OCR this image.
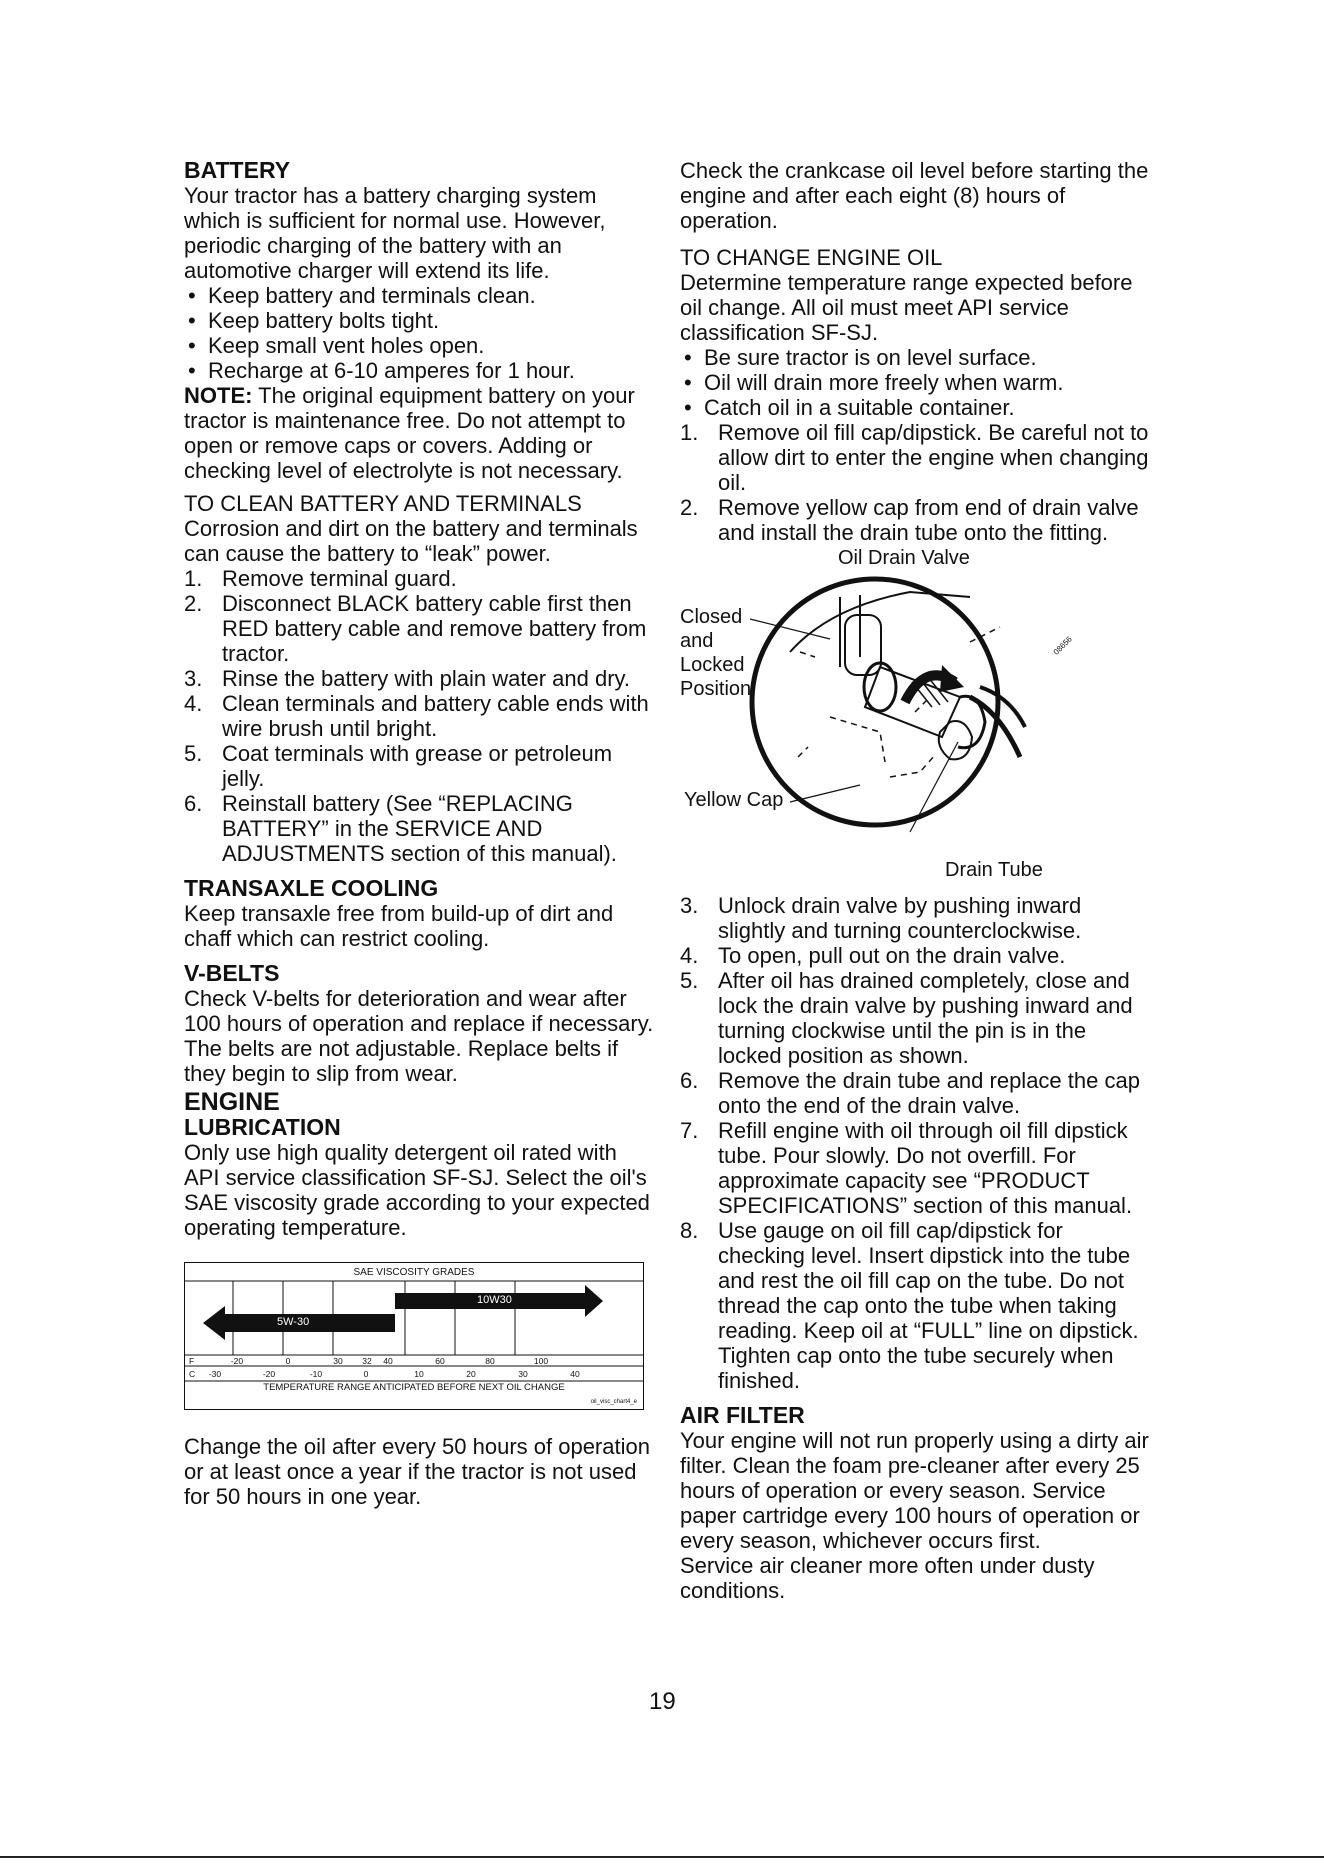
BATTERY

Your tractor has a battery charging system which is sufficient for normal use. However, periodic charging of the battery with an automotive charger will extend its life.

• Keep battery and terminals clean.
• Keep battery bolts tight.
• Keep small vent holes open.
• Recharge at 6-10 amperes for 1 hour.

NOTE: The original equipment battery on your tractor is maintenance free. Do not attempt to open or remove caps or covers. Adding or checking level of electrolyte is not necessary.

TO CLEAN BATTERY AND TERMINALS

Corrosion and dirt on the battery and terminals can cause the battery to “leak” power.

1. Remove terminal guard.
2. Disconnect BLACK battery cable first then RED battery cable and remove battery from tractor.
3. Rinse the battery with plain water and dry.
4. Clean terminals and battery cable ends with wire brush until bright.
5. Coat terminals with grease or petroleum jelly.
6. Reinstall battery (See “REPLACING BATTERY” in the SERVICE AND ADJUSTMENTS section of this manual).
TRANSAXLE COOLING

Keep transaxle free from build-up of dirt and chaff which can restrict cooling.

V-BELTS

Check V-belts for deterioration and wear after 100 hours of operation and replace if necessary. The belts are not adjustable. Replace belts if they begin to slip from wear.

ENGINE
LUBRICATION

Only use high quality detergent oil rated with API service classification SF-SJ. Select the oil's SAE viscosity grade according to your expected operating temperature.

SAE VISCOSITY GRADES
10W30
5W-30
F	-20	0	30 32 40	60	80	100
C -30	-20	-10	0	10	20	30	40
TEMPERATURE RANGE ANTICIPATED BEFORE NEXT OIL CHANGE
oil_visc_chart4_e

Change the oil after every 50 hours of operation or at least once a year if the tractor is not used for 50 hours in one year.

Check the crankcase oil level before starting the engine and after each eight (8) hours of operation.

TO CHANGE ENGINE OIL

Determine temperature range expected before oil change. All oil must meet API service classification SF-SJ.

• Be sure tractor is on level surface.
• Oil will drain more freely when warm.
• Catch oil in a suitable container.
1. Remove oil fill cap/dipstick. Be careful not to allow dirt to enter the engine when changing oil.
2. Remove yellow cap from end of drain valve and install the drain tube onto the fitting.
Oil Drain Valve
Closed
and
Locked
Position
Yellow Cap
Drain Tube
08656
3. Unlock drain valve by pushing inward slightly and turning counterclockwise.
4. To open, pull out on the drain valve.
5. After oil has drained completely, close and lock the drain valve by pushing inward and turning clockwise until the pin is in the locked position as shown.
6. Remove the drain tube and replace the cap onto the end of the drain valve.
7. Refill engine with oil through oil fill dipstick tube. Pour slowly. Do not overfill. For approximate capacity see “PRODUCT SPECIFICATIONS” section of this manual.
8. Use gauge on oil fill cap/dipstick for checking level. Insert dipstick into the tube and rest the oil fill cap on the tube. Do not thread the cap onto the tube when taking reading. Keep oil at “FULL” line on dipstick. Tighten cap onto the tube securely when finished.
AIR FILTER

Your engine will not run properly using a dirty air filter. Clean the foam pre-cleaner after every 25 hours of operation or every season. Service paper cartridge every 100 hours of operation or every season, whichever occurs first.

Service air cleaner more often under dusty conditions.

19
